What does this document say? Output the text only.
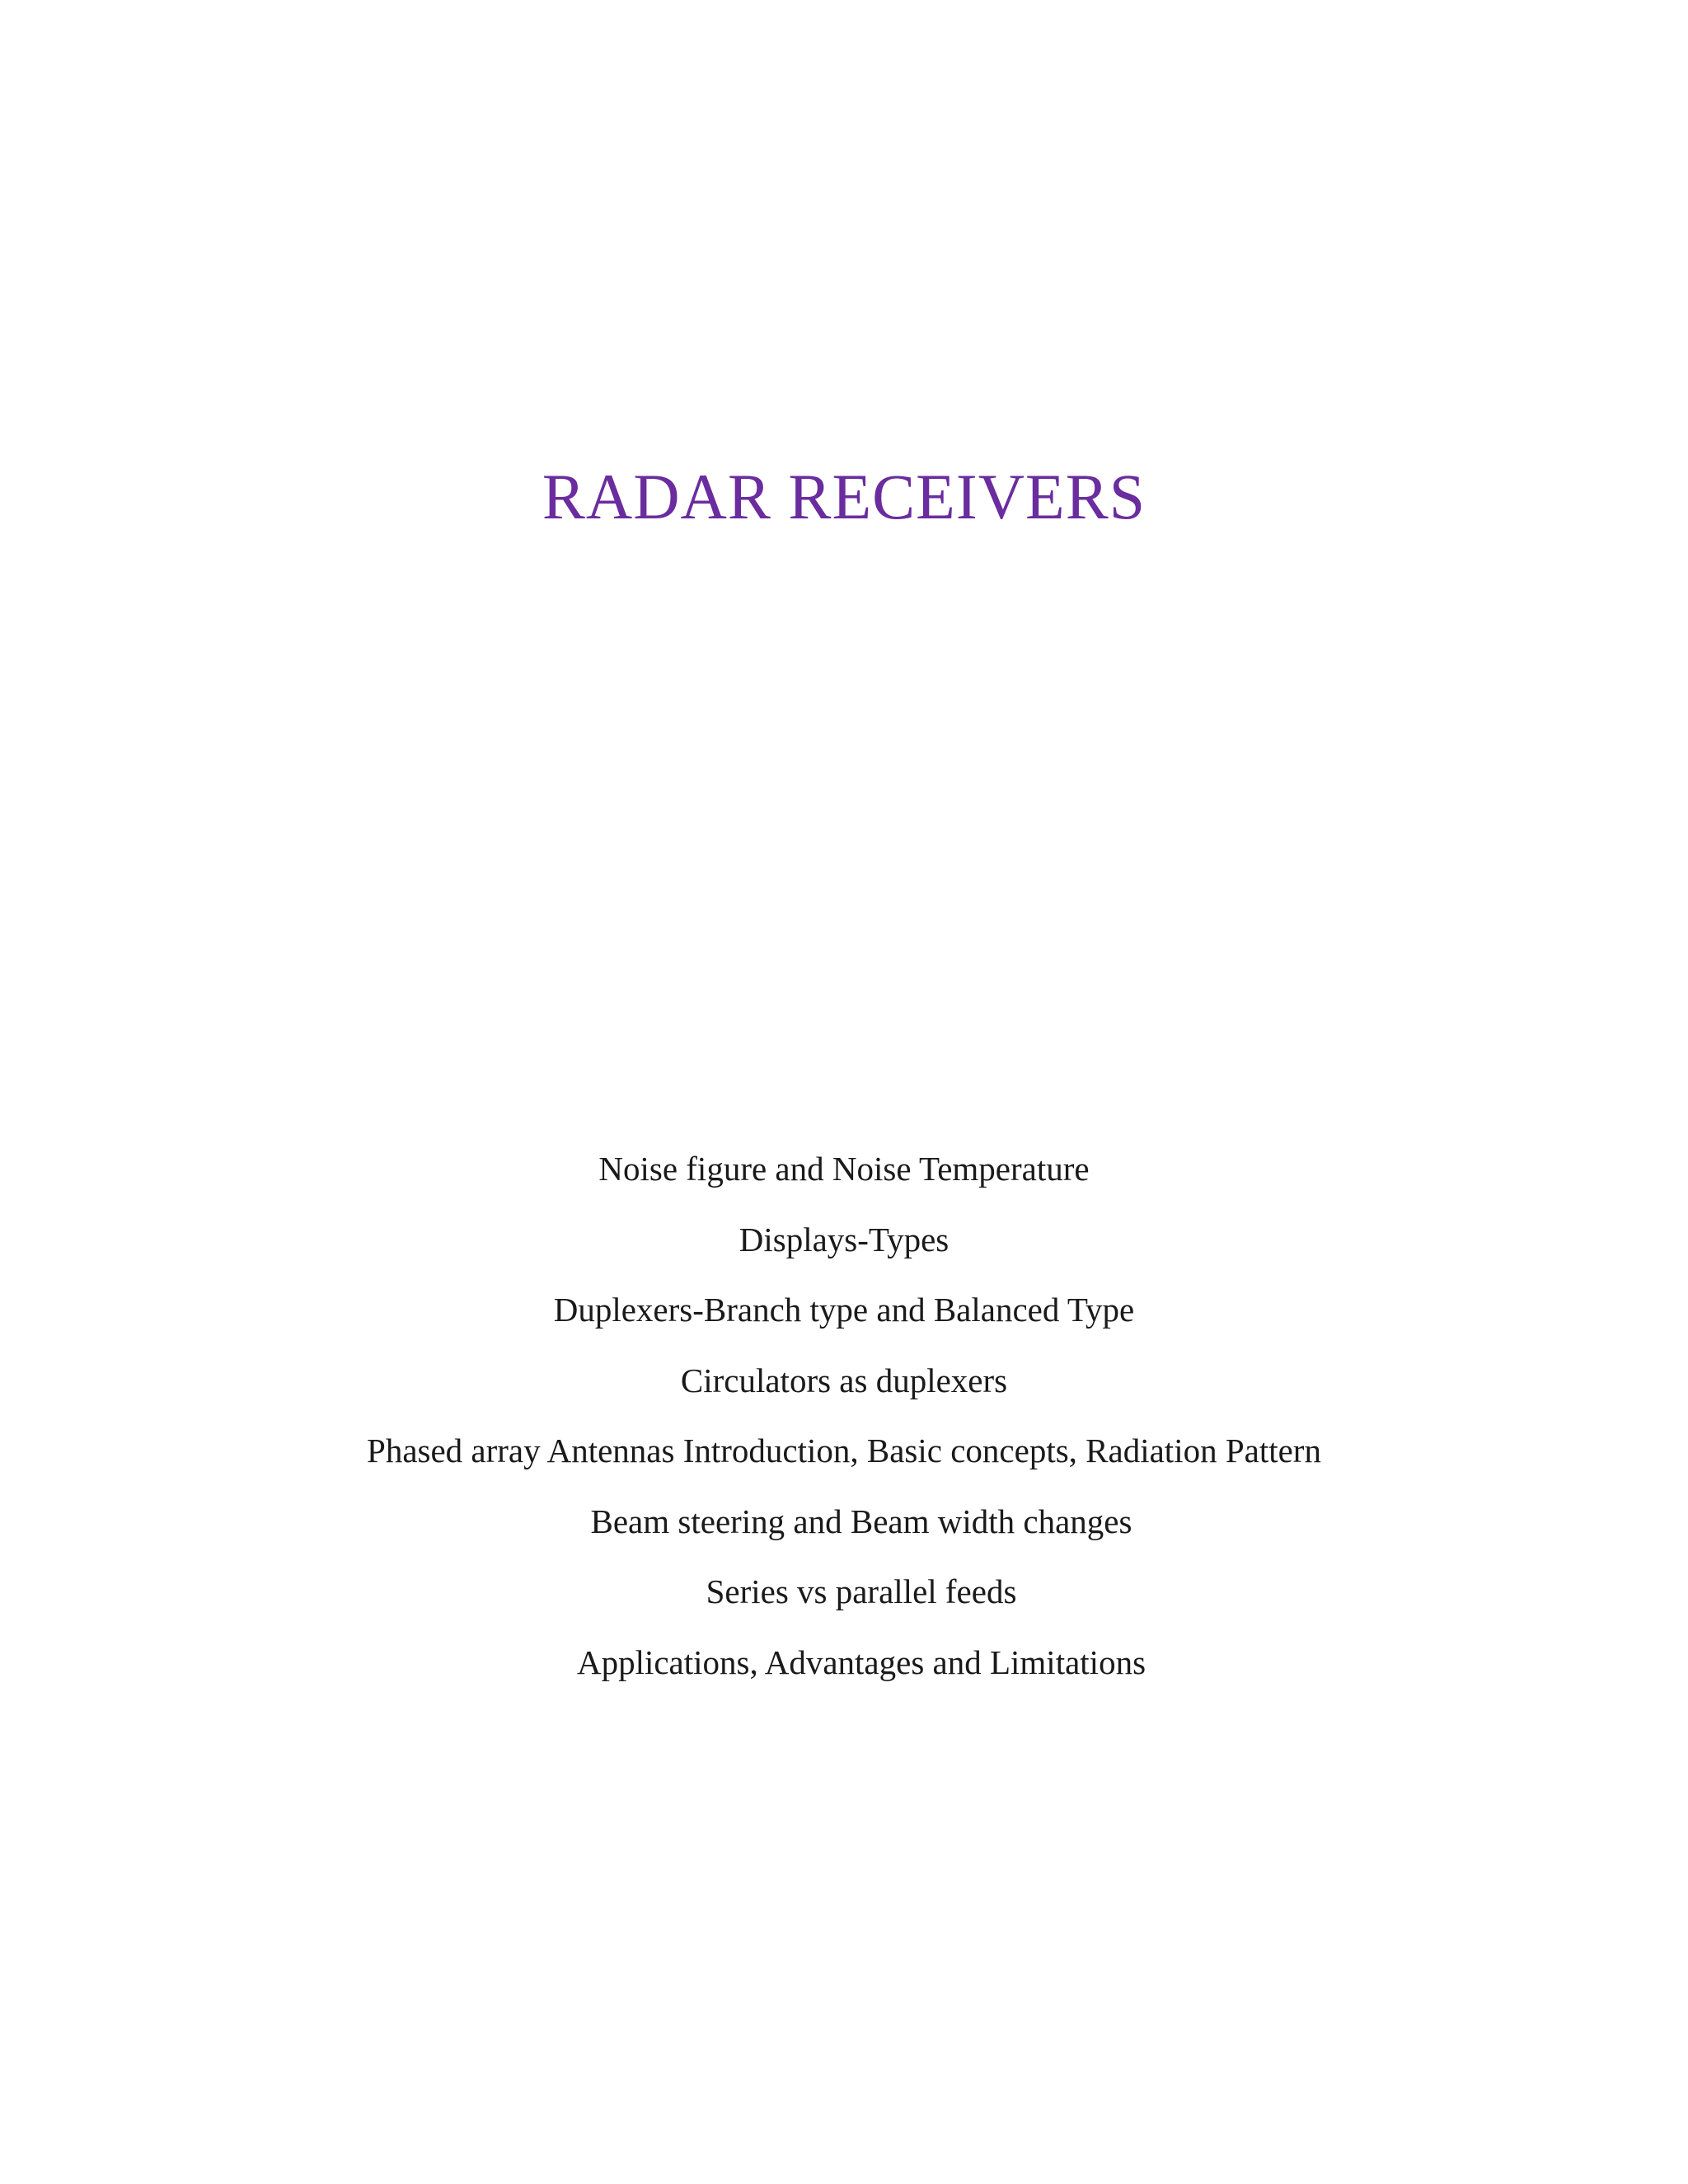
RADAR RECEIVERS
Noise figure and Noise Temperature
Displays-Types
Duplexers-Branch type and Balanced Type
Circulators as duplexers
Phased array Antennas Introduction, Basic concepts, Radiation Pattern
Beam steering and Beam width changes
Series vs parallel feeds
Applications, Advantages and Limitations
